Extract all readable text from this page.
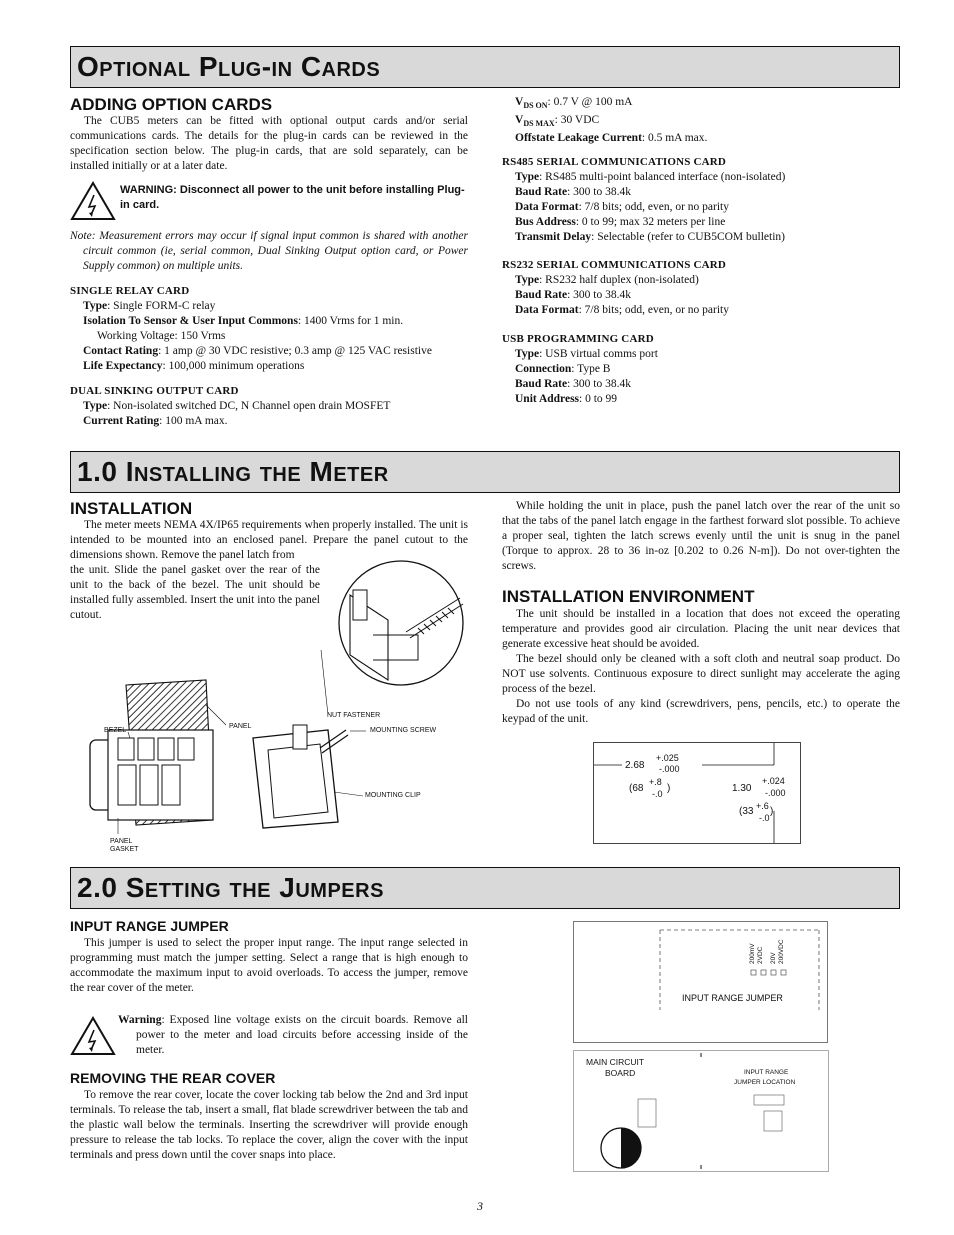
Optional Plug-in Cards
ADDING OPTION CARDS

The CUB5 meters can be fitted with optional output cards and/or serial communications cards. The details for the plug-in cards can be reviewed in the specification section below. The plug-in cards, that are sold separately, can be installed initially or at a later date.

WARNING: Disconnect all power to the unit before installing Plug-in card.

Note: Measurement errors may occur if signal input common is shared with another circuit common (ie, serial common, Dual Sinking Output option card, or Power Supply common) on multiple units.

SINGLE RELAY CARD

Type: Single FORM-C relay

Isolation To Sensor & User Input Commons: 1400 Vrms for 1 min.

Working Voltage: 150 Vrms

Contact Rating: 1 amp @ 30 VDC resistive; 0.3 amp @ 125 VAC resistive

Life Expectancy: 100,000 minimum operations

DUAL SINKING OUTPUT CARD

Type: Non-isolated switched DC, N Channel open drain MOSFET

Current Rating: 100 mA max.

$V_{DS ON}$: 0.7 V @ 100 mA

$V_{DS MAX}$: 30 VDC

Offstate Leakage Current: 0.5 mA max.

RS485 SERIAL COMMUNICATIONS CARD

Type: RS485 multi-point balanced interface (non-isolated)

Baud Rate: 300 to 38.4k

Data Format: 7/8 bits; odd, even, or no parity

Bus Address: 0 to 99; max 32 meters per line

Transmit Delay: Selectable (refer to CUB5COM bulletin)

RS232 SERIAL COMMUNICATIONS CARD

Type: RS232 half duplex (non-isolated)

Baud Rate: 300 to 38.4k

Data Format: 7/8 bits; odd, even, or no parity

USB PROGRAMMING CARD

Type: USB virtual comms port

Connection: Type B

Baud Rate: 300 to 38.4k

Unit Address: 0 to 99

1.0 Installing the Meter
INSTALLATION

The meter meets NEMA 4X/IP65 requirements when properly installed. The unit is intended to be mounted into an enclosed panel. Prepare the panel cutout to the dimensions shown. Remove the panel latch from

the unit. Slide the panel gasket over the rear of the unit to the back of the bezel. The unit should be installed fully assembled. Insert the unit into the panel cutout.

BEZEL
PANEL
NUT FASTENER
MOUNTING SCREW
MOUNTING CLIP
PANEL
GASKET

While holding the unit in place, push the panel latch over the rear of the unit so that the tabs of the panel latch engage in the farthest forward slot possible. To achieve a proper seal, tighten the latch screws evenly until the unit is snug in the panel (Torque to approx. 28 to 36 in-oz [0.202 to 0.26 N-m]). Do not over-tighten the screws.

INSTALLATION ENVIRONMENT

The unit should be installed in a location that does not exceed the operating temperature and provides good air circulation. Placing the unit near devices that generate excessive heat should be avoided.

The bezel should only be cleaned with a soft cloth and neutral soap product. Do NOT use solvents. Continuous exposure to direct sunlight may accelerate the aging process of the bezel.

Do not use tools of any kind (screwdrivers, pens, pencils, etc.) to operate the keypad of the unit.

2.68
+.025
-.000
(68
+.8
-.0 )	1.30
+.024
-.000
(33 +.6 )
-.0
2.0 Setting the Jumpers
INPUT RANGE JUMPER

This jumper is used to select the proper input range. The input range selected in programming must match the jumper setting. Select a range that is high enough to accommodate the maximum input to avoid overloads. To access the jumper, remove the rear cover of the meter.

Warning: Exposed line voltage exists on the circuit boards. Remove all power to the meter and load circuits before accessing inside of the meter.

REMOVING THE REAR COVER

To remove the rear cover, locate the cover locking tab below the 2nd and 3rd input terminals. To release the tab, insert a small, flat blade screwdriver between the tab and the plastic wall below the terminals. Inserting the screwdriver will provide enough pressure to release the tab locks. To replace the cover, align the cover with the input terminals and press down until the cover snaps into place.

200mV 2VDC 20V 200VDC
INPUT RANGE JUMPER
MAIN CIRCUIT
BOARD	INPUT RANGE
JUMPER LOCATION
3
